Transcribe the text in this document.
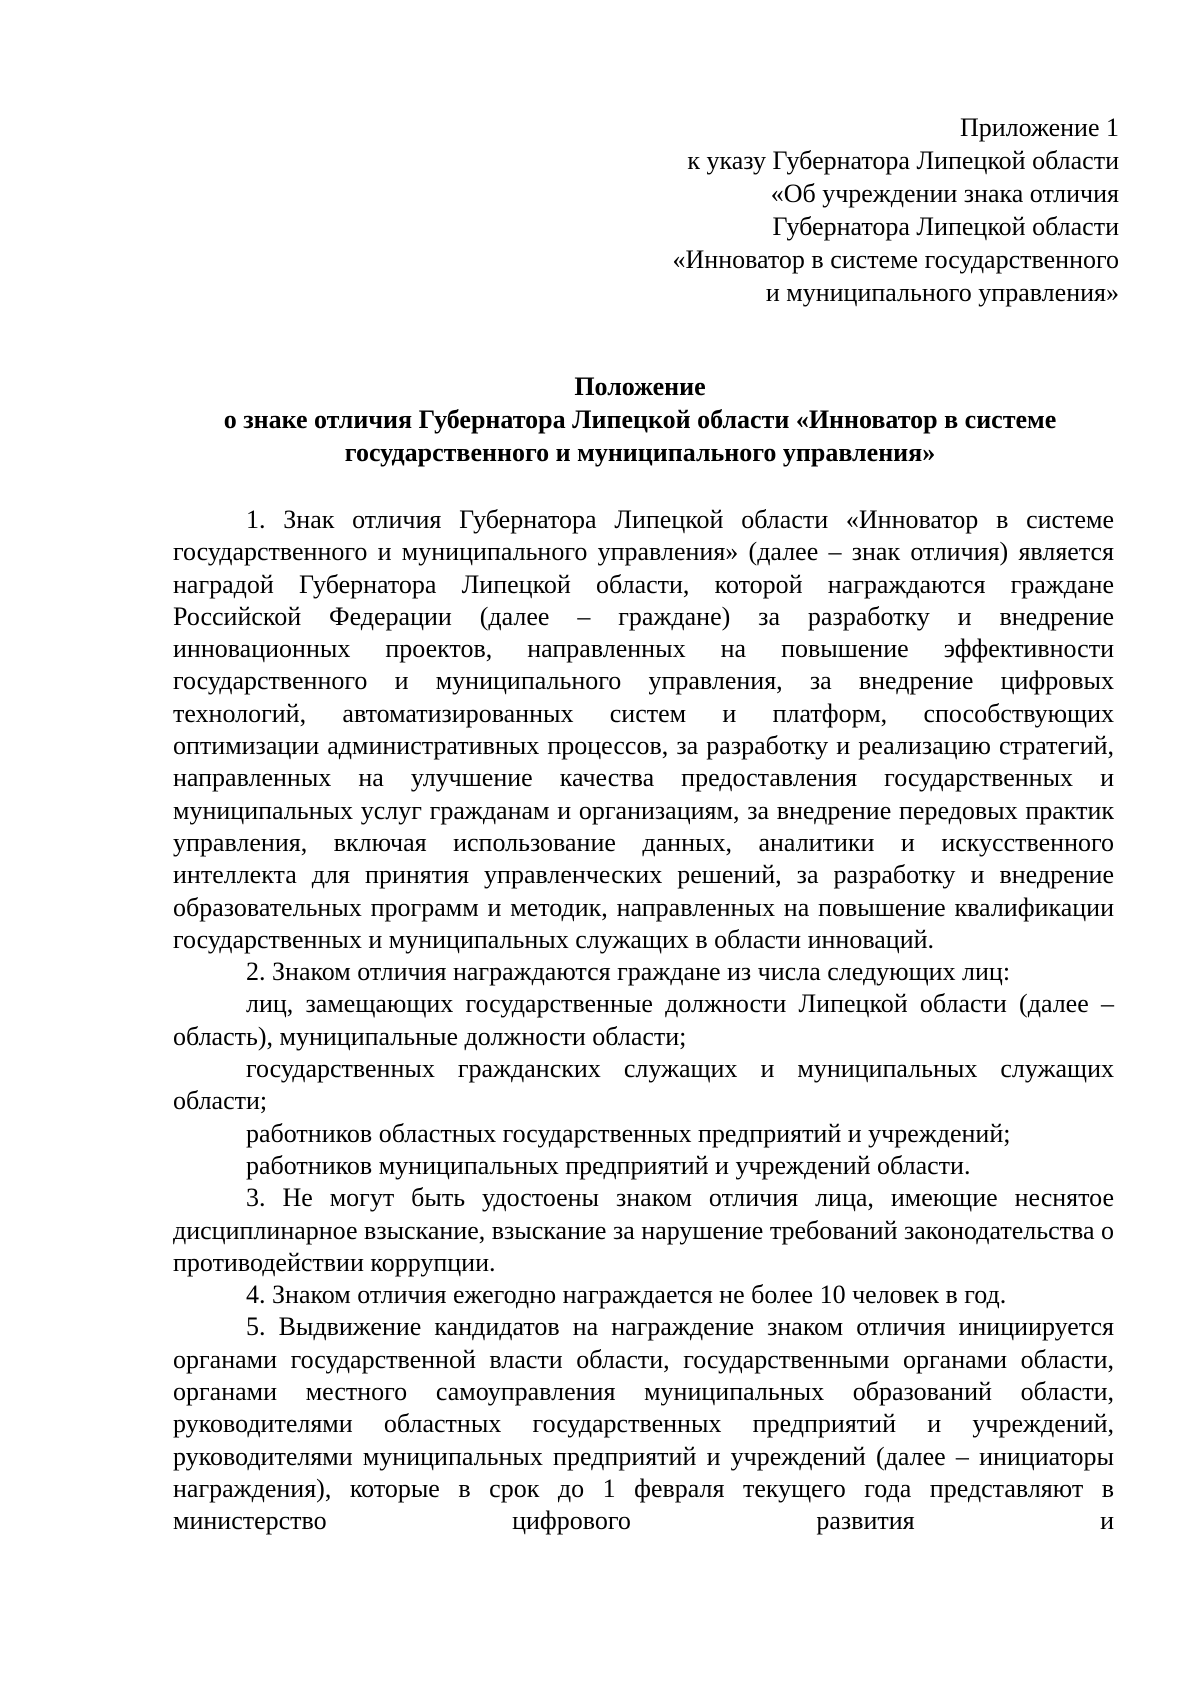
Приложение 1
к указу Губернатора Липецкой области
«Об учреждении знака отличия
Губернатора Липецкой области
«Инноватор в системе государственного
и муниципального управления»
Положение
о знаке отличия Губернатора Липецкой области «Инноватор в системе
государственного и муниципального управления»

1. Знак отличия Губернатора Липецкой области «Инноватор в системе государственного и муниципального управления» (далее – знак отличия) является наградой Губернатора Липецкой области, которой награждаются граждане Российской Федерации (далее – граждане) за разработку и внедрение инновационных проектов, направленных на повышение эффективности государственного и муниципального управления, за внедрение цифровых технологий, автоматизированных систем и платформ, способствующих оптимизации административных процессов, за разработку и реализацию стратегий, направленных на улучшение качества предоставления государственных и муниципальных услуг гражданам и организациям, за внедрение передовых практик управления, включая использование данных, аналитики и искусственного интеллекта для принятия управленческих решений, за разработку и внедрение образовательных программ и методик, направленных на повышение квалификации государственных и муниципальных служащих в области инноваций.

2. Знаком отличия награждаются граждане из числа следующих лиц:

лиц, замещающих государственные должности Липецкой области (далее – область), муниципальные должности области;

государственных гражданских служащих и муниципальных служащих области;

работников областных государственных предприятий и учреждений;

работников муниципальных предприятий и учреждений области.

3. Не могут быть удостоены знаком отличия лица, имеющие неснятое дисциплинарное взыскание, взыскание за нарушение требований законодательства о противодействии коррупции.

4. Знаком отличия ежегодно награждается не более 10 человек в год.

5. Выдвижение кандидатов на награждение знаком отличия инициируется органами государственной власти области, государственными органами области, органами местного самоуправления муниципальных образований области, руководителями областных государственных предприятий и учреждений, руководителями муниципальных предприятий и учреждений (далее – инициаторы награждения), которые в срок до 1 февраля текущего года представляют в министерство цифрового развития и
